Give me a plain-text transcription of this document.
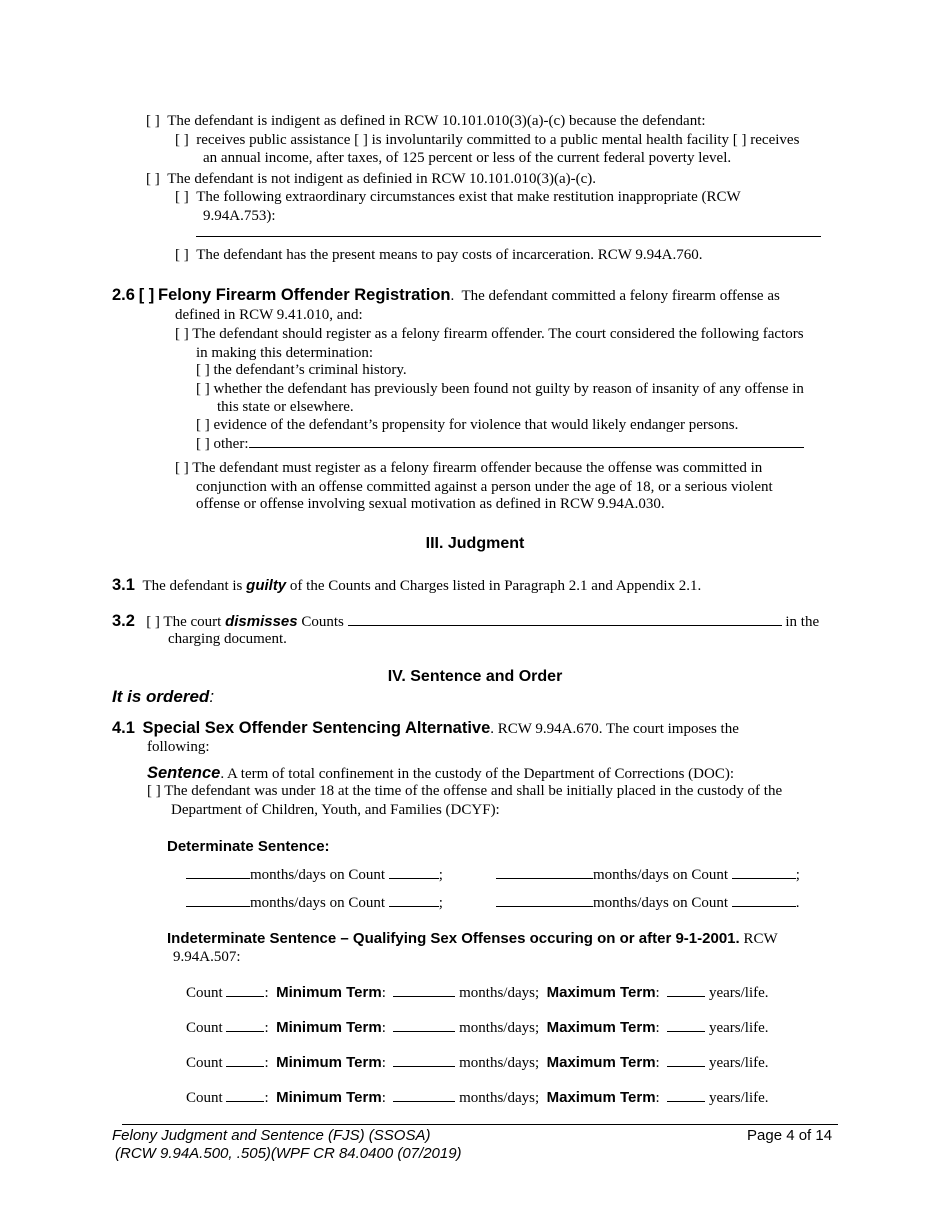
[ ] The defendant is indigent as defined in RCW 10.101.010(3)(a)-(c) because the defendant:
[ ] receives public assistance [ ] is involuntarily committed to a public mental health facility [ ] receives
an annual income, after taxes, of 125 percent or less of the current federal poverty level.
[ ] The defendant is not indigent as definied in RCW 10.101.010(3)(a)-(c).
[ ] The following extraordinary circumstances exist that make restitution inappropriate (RCW
9.94A.753):
[ ] The defendant has the present means to pay costs of incarceration. RCW 9.94A.760.
2.6 [ ] Felony Firearm Offender Registration.  The defendant committed a felony firearm offense as
defined in RCW 9.41.010, and:
[ ] The defendant should register as a felony firearm offender. The court considered the following factors
in making this determination:
[ ] the defendant’s criminal history.
[ ] whether the defendant has previously been found not guilty by reason of insanity of any offense in
this state or elsewhere.
[ ] evidence of the defendant’s propensity for violence that would likely endanger persons.
[ ] other:
[ ] The defendant must register as a felony firearm offender because the offense was committed in
conjunction with an offense committed against a person under the age of 18, or a serious violent
offense or offense involving sexual motivation as defined in RCW 9.94A.030.
III. Judgment
3.1 The defendant is guilty of the Counts and Charges listed in Paragraph 2.1 and Appendix 2.1.
3.2 [ ] The court dismisses Counts	in the
charging document.
IV. Sentence and Order
It is ordered:
4.1 Special Sex Offender Sentencing Alternative. RCW 9.94A.670. The court imposes the
following:
Sentence. A term of total confinement in the custody of the Department of Corrections (DOC):
[ ] The defendant was under 18 at the time of the offense and shall be initially placed in the custody of the
Department of Children, Youth, and Families (DCYF):
Determinate Sentence:
months/days on Count	;	months/days on Count	;
months/days on Count	;	months/days on Count	.
Indeterminate Sentence – Qualifying Sex Offenses occuring on or after 9-1-2001. RCW
9.94A.507:
Count	:  Minimum Term:	months/days; Maximum Term:	years/life.
Count	:  Minimum Term:	months/days; Maximum Term:	years/life.
Count	:  Minimum Term:	months/days; Maximum Term:	years/life.
Count	:  Minimum Term:	months/days; Maximum Term:	years/life.
Felony Judgment and Sentence (FJS) (SSOSA)
(RCW 9.94A.500, .505)(WPF CR 84.0400 (07/2019)
Page 4 of 14
